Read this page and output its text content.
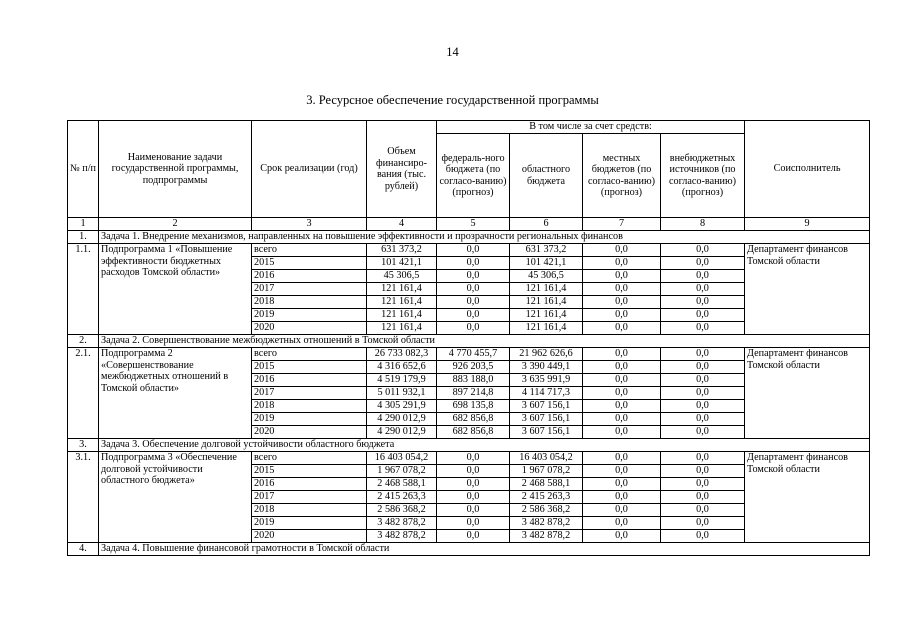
14
3. Ресурсное обеспечение государственной программы
№ п/п	Наименование задачи государственной программы, подпрограммы	Срок реализации (год)	Объем финансиро-вания (тыс. рублей)	В том числе за счет средств:				Соисполнитель
				федераль-ного бюджета (по согласо-ванию) (прогноз)	областного бюджета	местных бюджетов (по согласо-ванию) (прогноз)	внебюджетных источников (по согласо-ванию) (прогноз)	
1	2	3	4	5	6	7	8	9
1.	Задача 1. Внедрение механизмов, направленных на повышение эффективности и прозрачности региональных финансов							
1.1.	Подпрограмма 1 «Повышение эффективности бюджетных расходов Томской области»	всего	631 373,2	0,0	631 373,2	0,0	0,0	Департамент финансов Томской области
		2015	101 421,1	0,0	101 421,1	0,0	0,0	
		2016	45 306,5	0,0	45 306,5	0,0	0,0	
		2017	121 161,4	0,0	121 161,4	0,0	0,0	
		2018	121 161,4	0,0	121 161,4	0,0	0,0	
		2019	121 161,4	0,0	121 161,4	0,0	0,0	
		2020	121 161,4	0,0	121 161,4	0,0	0,0	
2.	Задача 2. Совершенствование межбюджетных отношений в Томской области							
2.1.	Подпрограмма 2 «Совершенствование межбюджетных отношений в Томской области»	всего	26 733 082,3	4 770 455,7	21 962 626,6	0,0	0,0	Департамент финансов Томской области
		2015	4 316 652,6	926 203,5	3 390 449,1	0,0	0,0	
		2016	4 519 179,9	883 188,0	3 635 991,9	0,0	0,0	
		2017	5 011 932,1	897 214,8	4 114 717,3	0,0	0,0	
		2018	4 305 291,9	698 135,8	3 607 156,1	0,0	0,0	
		2019	4 290 012,9	682 856,8	3 607 156,1	0,0	0,0	
		2020	4 290 012,9	682 856,8	3 607 156,1	0,0	0,0	
3.	Задача 3. Обеспечение долговой устойчивости областного бюджета							
3.1.	Подпрограмма 3 «Обеспечение долговой устойчивости областного бюджета»	всего	16 403 054,2	0,0	16 403 054,2	0,0	0,0	Департамент финансов Томской области
		2015	1 967 078,2	0,0	1 967 078,2	0,0	0,0	
		2016	2 468 588,1	0,0	2 468 588,1	0,0	0,0	
		2017	2 415 263,3	0,0	2 415 263,3	0,0	0,0	
		2018	2 586 368,2	0,0	2 586 368,2	0,0	0,0	
		2019	3 482 878,2	0,0	3 482 878,2	0,0	0,0	
		2020	3 482 878,2	0,0	3 482 878,2	0,0	0,0	
4.	Задача 4. Повышение финансовой грамотности в Томской области							
